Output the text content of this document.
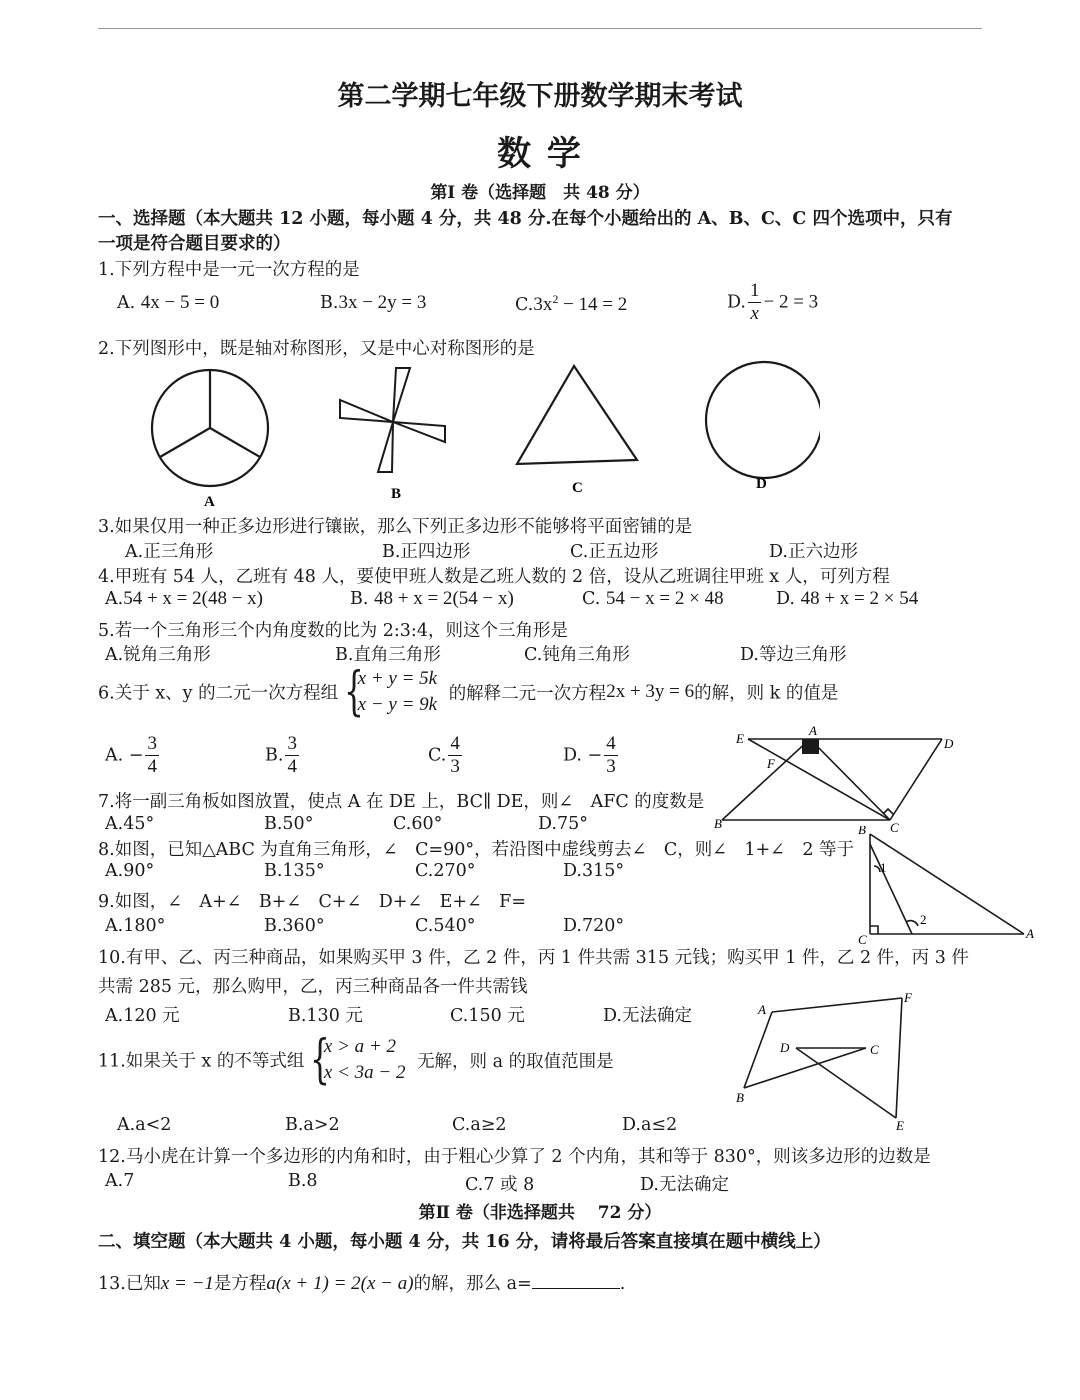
第二学期七年级下册数学期末考试
数 学
第Ⅰ 卷（选择题　共 48 分）
一、选择题（本大题共 12 小题，每小题 4 分，共 48 分.在每个小题给出的 A、B、C、C 四个选项中，只有
一项是符合题目要求的）
1.下列方程中是一元一次方程的是
A. 4x − 5 = 0	B.3x − 2y = 3	$C.3x^2 - 14 = 2$	D. $\frac{1}{x} - 2 = 3$
2.下列图形中，既是轴对称图形，又是中心对称图形的是
A	B	C	D
3.如果仅用一种正多边形进行镶嵌，那么下列正多边形不能够将平面密铺的是
A.正三角形	B.正四边形	C.正五边形	D.正六边形
4.甲班有 54 人，乙班有 48 人，要使甲班人数是乙班人数的 2 倍，设从乙班调往甲班 x 人，可列方程
A.54 + x = 2(48 − x)	B. 48 + x = 2(54 − x)	C. 54 − x = 2 × 48	D. 48 + x = 2 × 54
5.若一个三角形三个内角度数的比为 2:3:4，则这个三角形是
A.锐角三角形	B.直角三角形	C.钝角三角形	D.等边三角形
6.关于 x、y 的二元一次方程组 {
x + y = 5k
x − y = 9k
的解释二元一次方程2x + 3y = 6的解，则 k 的值是
A. − $\frac{3}{4}$	B. $\frac{3}{4}$	C. $\frac{4}{3}$	D. − $\frac{4}{3}$	E
A
D
F
B	C
7.将一副三角板如图放置，使点 A 在 DE 上，BC∥ DE，则∠　AFC 的度数是
A.45°	B.50°	C.60°	D.75°	B
1
2
C	A
8.如图，已知△ABC 为直角三角形，∠　C=90°，若沿图中虚线剪去∠　C，则∠　1+∠　2 等于
A.90°	B.135°	C.270°	D.315°
9.如图，∠　A+∠　B+∠　C+∠　D+∠　E+∠　F=
A.180°	B.360°	C.540°	D.720°
10.有甲、乙、丙三种商品，如果购买甲 3 件，乙 2 件，丙 1 件共需 315 元钱；购买甲 1 件，乙 2 件，丙 3 件
共需 285 元，那么购甲，乙，丙三种商品各一件共需钱
A.120 元	B.130 元	C.150 元	D.无法确定	A
F
D	C
B
E
11.如果关于 x 的不等式组 {
x > a + 2
x < 3a − 2
无解，则 a 的取值范围是
A.a<2	B.a>2	C.a≥2	D.a≤2
12.马小虎在计算一个多边形的内角和时，由于粗心少算了 2 个内角，其和等于 830°，则该多边形的边数是
A.7	B.8	C.7 或 8	D.无法确定
第Ⅱ 卷（非选择题共　 72 分）
二、填空题（本大题共 4 小题，每小题 4 分，共 16 分，请将最后答案直接填在题中横线上）
13.已知x = −1是方程a(x + 1) = 2(x − a)的解，那么 a=	.
